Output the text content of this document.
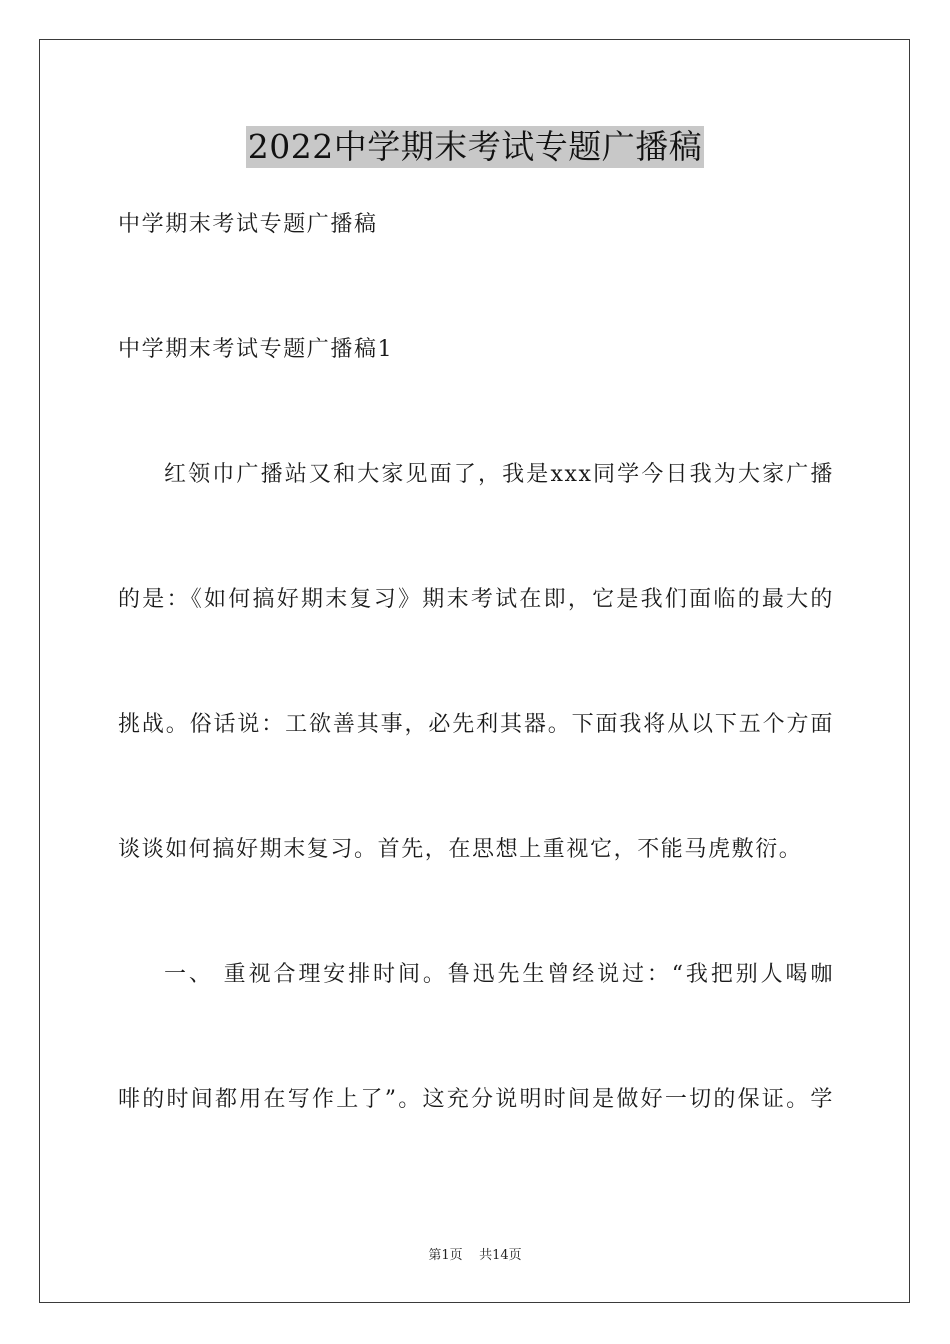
2022中学期末考试专题广播稿
中学期末考试专题广播稿
中学期末考试专题广播稿1
红领巾广播站又和大家见面了，我是xxx同学今日我为大家广播
的是：《如何搞好期末复习》期末考试在即，它是我们面临的最大的
挑战。俗话说：工欲善其事，必先利其器。下面我将从以下五个方面
谈谈如何搞好期末复习。首先，在思想上重视它，不能马虎敷衍。
一、 重视合理安排时间。鲁迅先生曾经说过：“我把别人喝咖
啡的时间都用在写作上了”。这充分说明时间是做好一切的保证。学
第1页 共14页
